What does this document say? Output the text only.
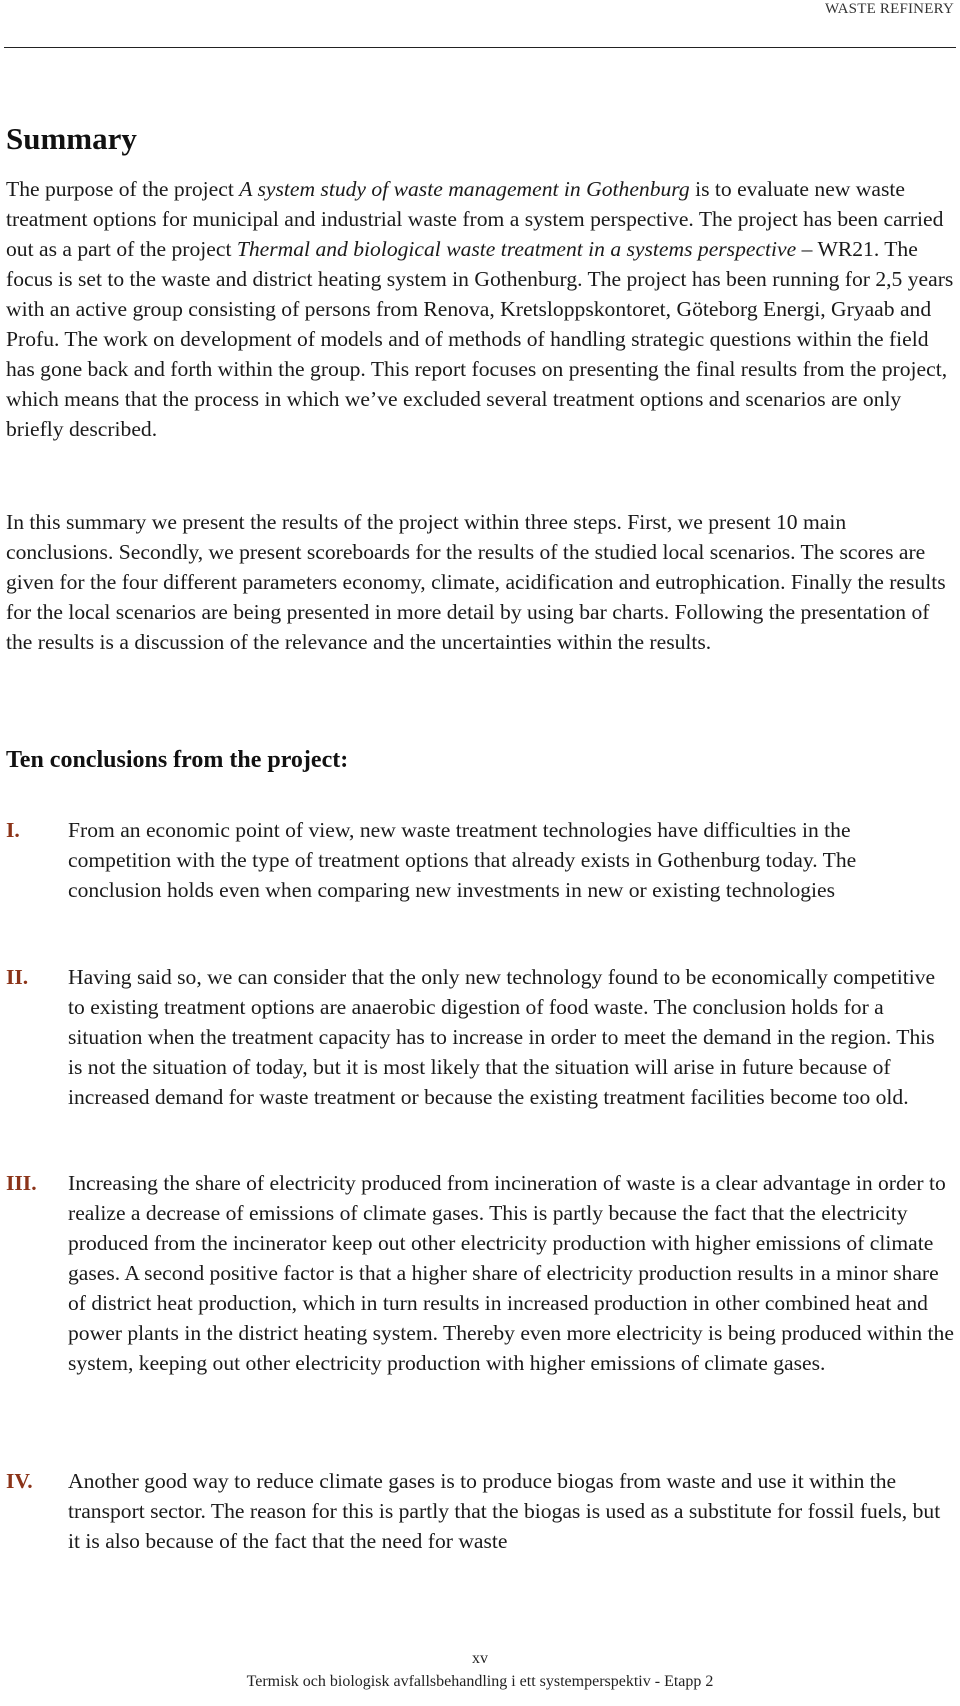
WASTE REFINERY
Summary

The purpose of the project A system study of waste management in Gothenburg is to evaluate new waste treatment options for municipal and industrial waste from a system perspective. The project has been carried out as a part of the project Thermal and biological waste treatment in a systems perspective – WR21. The focus is set to the waste and district heating system in Gothenburg. The project has been running for 2,5 years with an active group consisting of persons from Renova, Kretsloppskontoret, Göteborg Energi, Gryaab and Profu. The work on development of models and of methods of handling strategic questions within the field has gone back and forth within the group. This report focuses on presenting the final results from the project, which means that the process in which we’ve excluded several treatment options and scenarios are only briefly described.

In this summary we present the results of the project within three steps. First, we present 10 main conclusions. Secondly, we present scoreboards for the results of the studied local scenarios. The scores are given for the four different parameters economy, climate, acidification and eutrophication. Finally the results for the local scenarios are being presented in more detail by using bar charts. Following the presentation of the results is a discussion of the relevance and the uncertainties within the results.

Ten conclusions from the project:
I. From an economic point of view, new waste treatment technologies have difficulties in the competition with the type of treatment options that already exists in Gothenburg today. The conclusion holds even when comparing new investments in new or existing technologies

II. Having said so, we can consider that the only new technology found to be economically competitive to existing treatment options are anaerobic digestion of food waste. The conclusion holds for a situation when the treatment capacity has to increase in order to meet the demand in the region. This is not the situation of today, but it is most likely that the situation will arise in future because of increased demand for waste treatment or because the existing treatment facilities become too old.

III. Increasing the share of electricity produced from incineration of waste is a clear advantage in order to realize a decrease of emissions of climate gases. This is partly because the fact that the electricity produced from the incinerator keep out other electricity production with higher emissions of climate gases. A second positive factor is that a higher share of electricity production results in a minor share of district heat production, which in turn results in increased production in other combined heat and power plants in the district heating system. Thereby even more electricity is being produced within the system, keeping out other electricity production with higher emissions of climate gases.

IV. Another good way to reduce climate gases is to produce biogas from waste and use it within the transport sector. The reason for this is partly that the biogas is used as a substitute for fossil fuels, but it is also because of the fact that the need for waste

xv
Termisk och biologisk avfallsbehandling i ett systemperspektiv - Etapp 2
